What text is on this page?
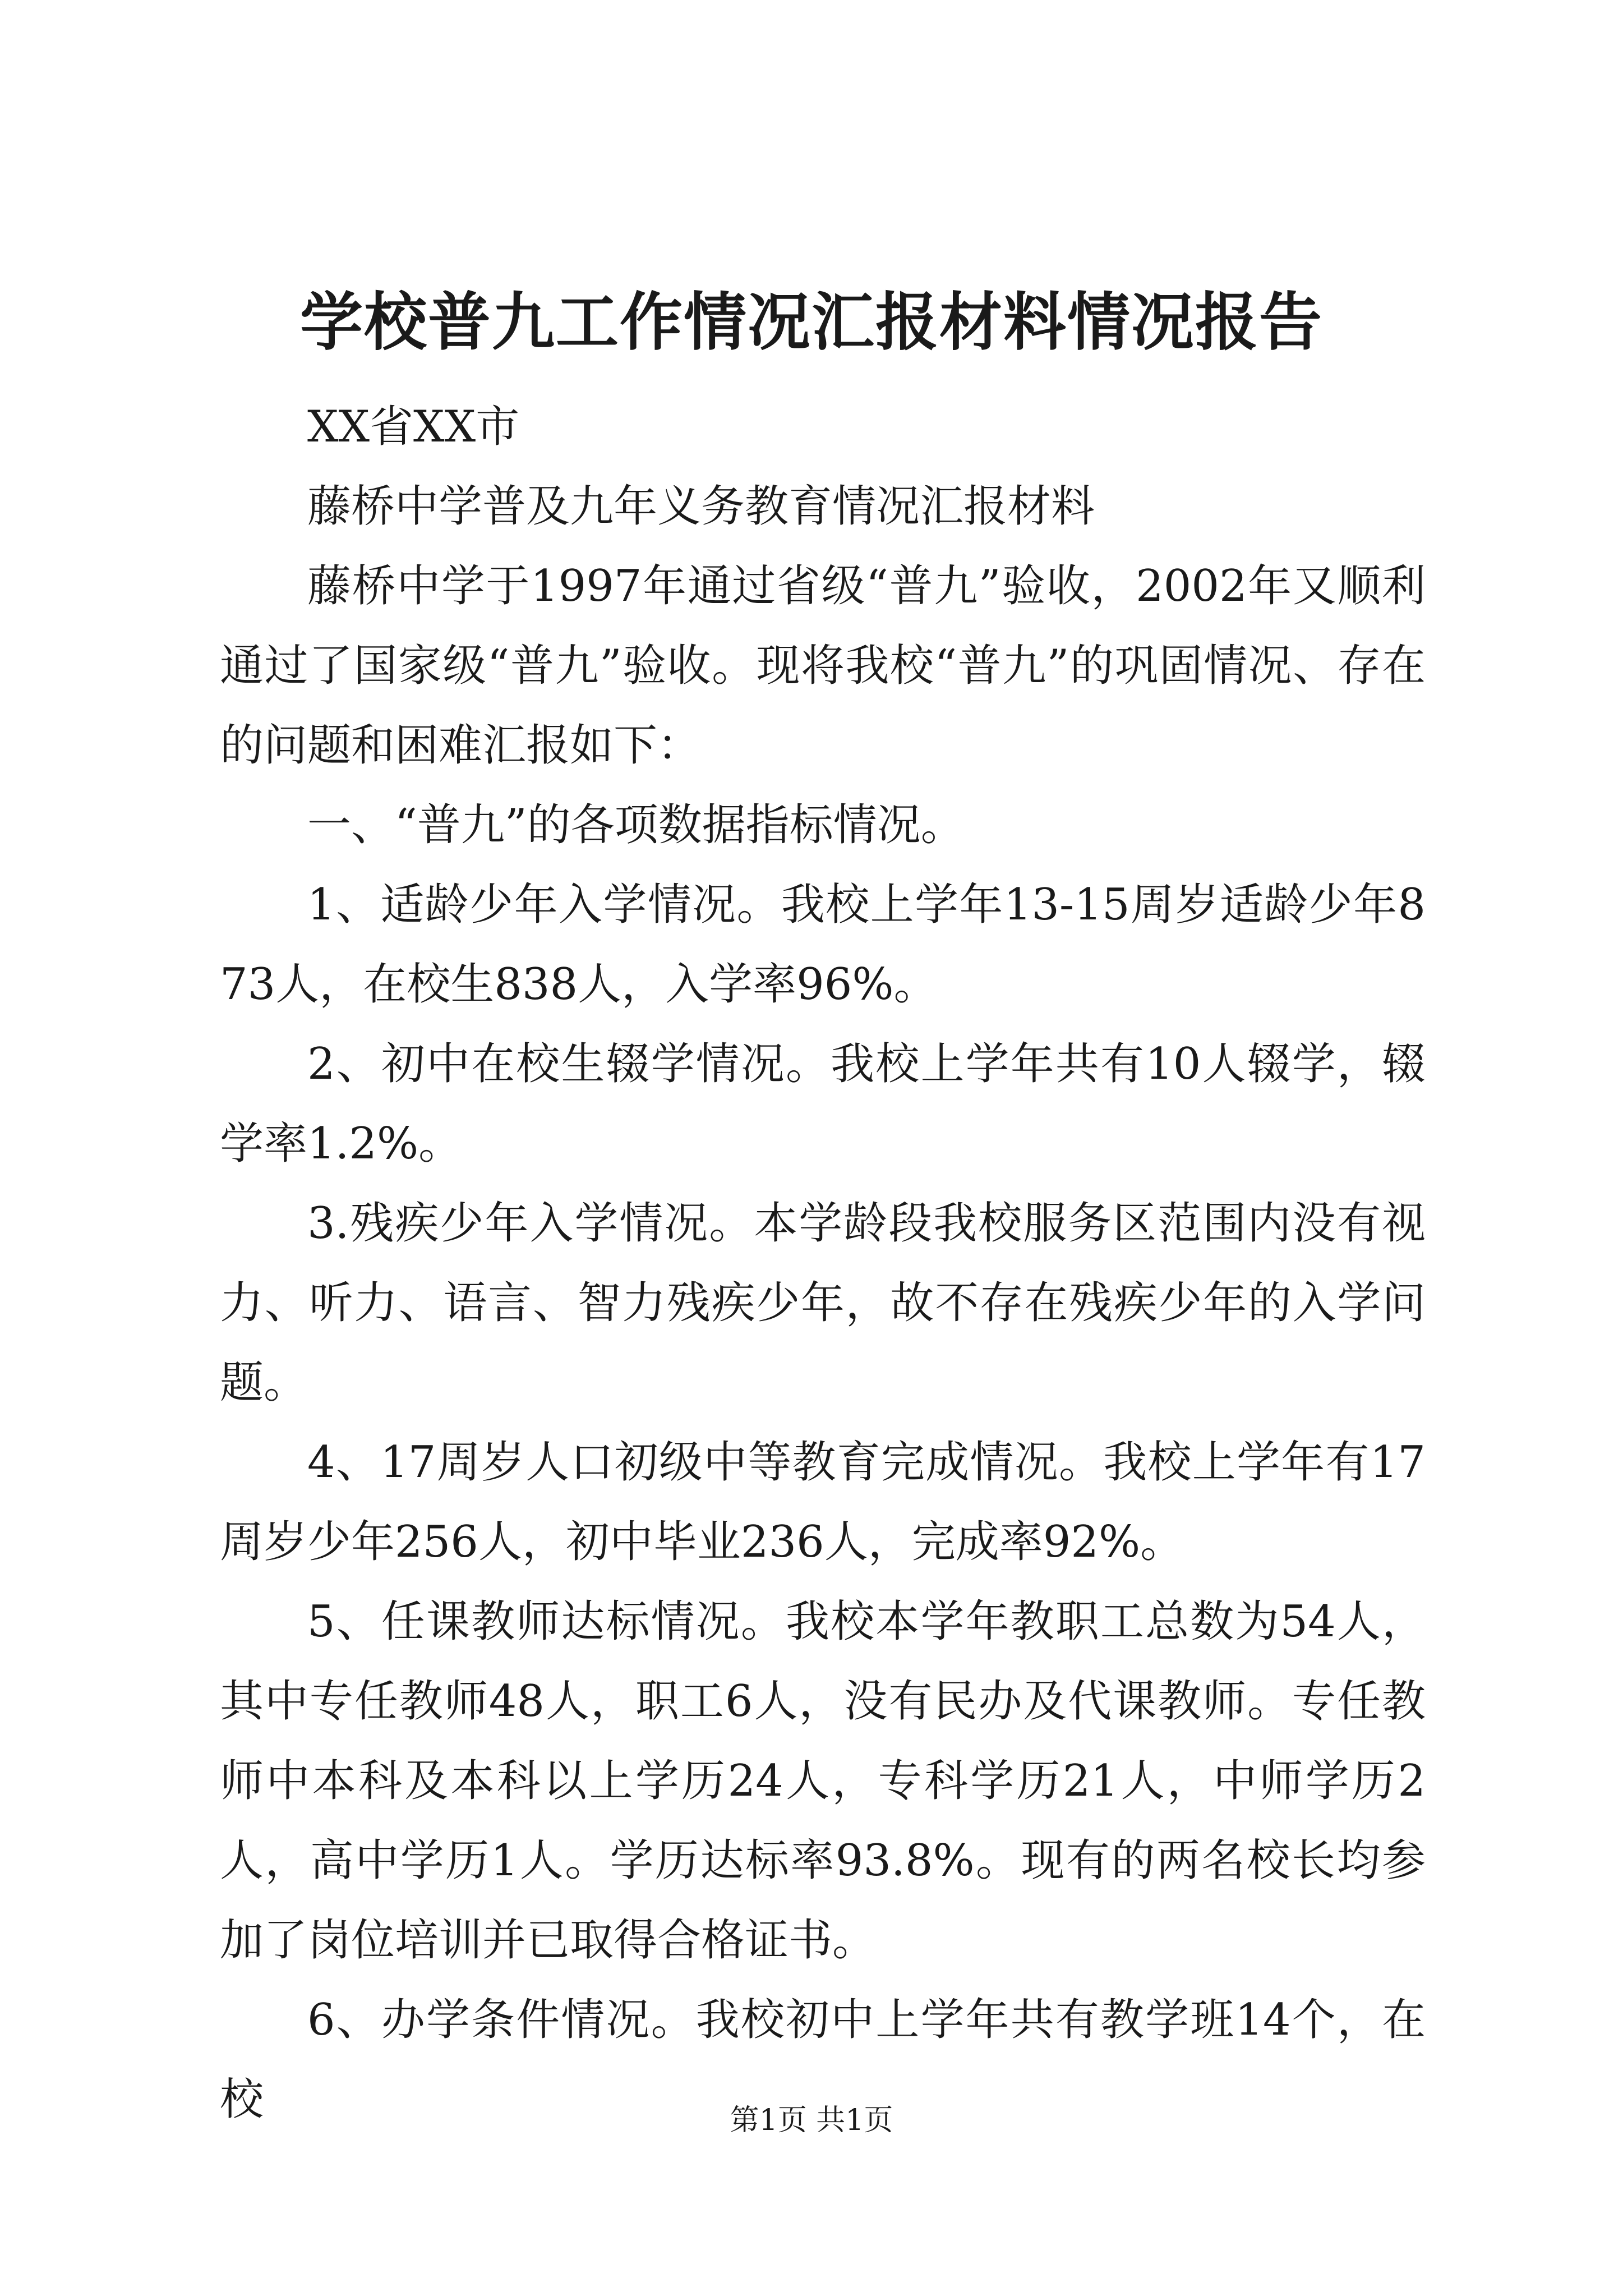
学校普九工作情况汇报材料情况报告

XX省XX市

藤桥中学普及九年义务教育情况汇报材料

藤桥中学于1997年通过省级“普九”验收，2002年又顺利通过了国家级“普九”验收。现将我校“普九”的巩固情况、存在的问题和困难汇报如下：

一、“普九”的各项数据指标情况。

1、适龄少年入学情况。我校上学年13-15周岁适龄少年873人，在校生838人，入学率96%。

2、初中在校生辍学情况。我校上学年共有10人辍学，辍学率1.2%。

3.残疾少年入学情况。本学龄段我校服务区范围内没有视力、听力、语言、智力残疾少年，故不存在残疾少年的入学问题。

4、17周岁人口初级中等教育完成情况。我校上学年有17周岁少年256人，初中毕业236人，完成率92%。

5、任课教师达标情况。我校本学年教职工总数为54人，其中专任教师48人，职工6人，没有民办及代课教师。专任教师中本科及本科以上学历24人，专科学历21人，中师学历2人，高中学历1人。学历达标率93.8%。现有的两名校长均参加了岗位培训并已取得合格证书。

6、办学条件情况。我校初中上学年共有教学班14个，在校	第1页 共1页
